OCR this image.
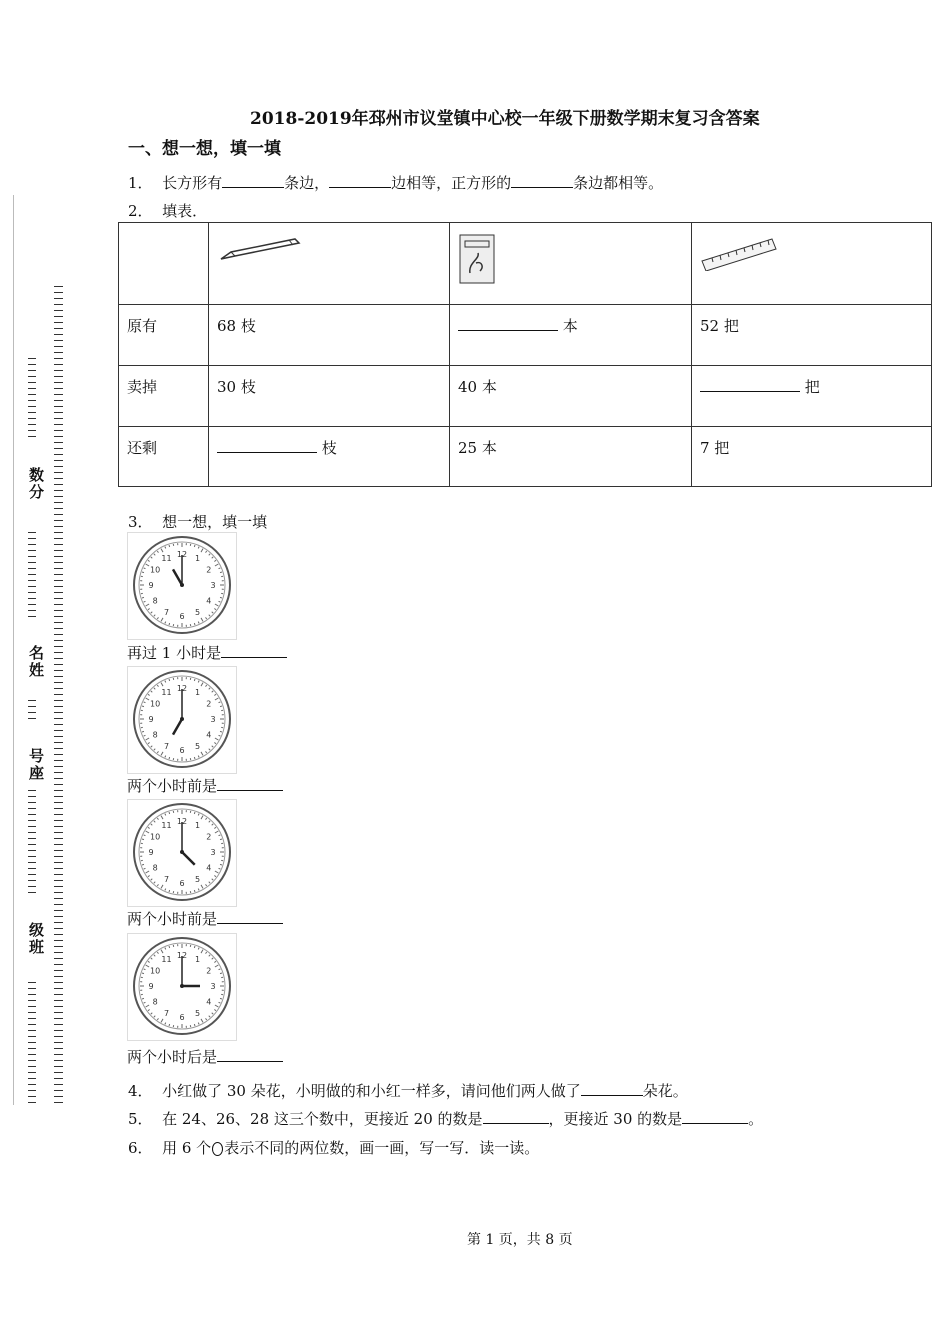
数分
名姓
号座
级班
2018-2019年邳州市议堂镇中心校一年级下册数学期末复习含答案
一、想一想，填一填
1． 长方形有	条边，	边相等，正方形的	条边都相等。
2． 填表．

原有	68 枝	本	52 把
卖掉	30 枝	40 本	把
还剩	枝	25 本	7 把
3． 想一想，填一填
1
2
3
4
5
6
7
8
9
10
11 12
再过 1 小时是
1
2
3
4
5
6
7
8
9
10
11 12
两个小时前是
1
2
3
4
5
6
7
8
9
10
11 12
两个小时前是
1
2
3
4
5
6
7
8
9
10
11 12
两个小时后是
4． 小红做了 30 朵花，小明做的和小红一样多，请问他们两人做了	朵花。
5． 在 24、26、28 这三个数中，更接近 20 的数是	，更接近 30 的数是	。
6． 用 6 个 表示不同的两位数，画一画，写一写．读一读。
第 1 页，共 8 页
